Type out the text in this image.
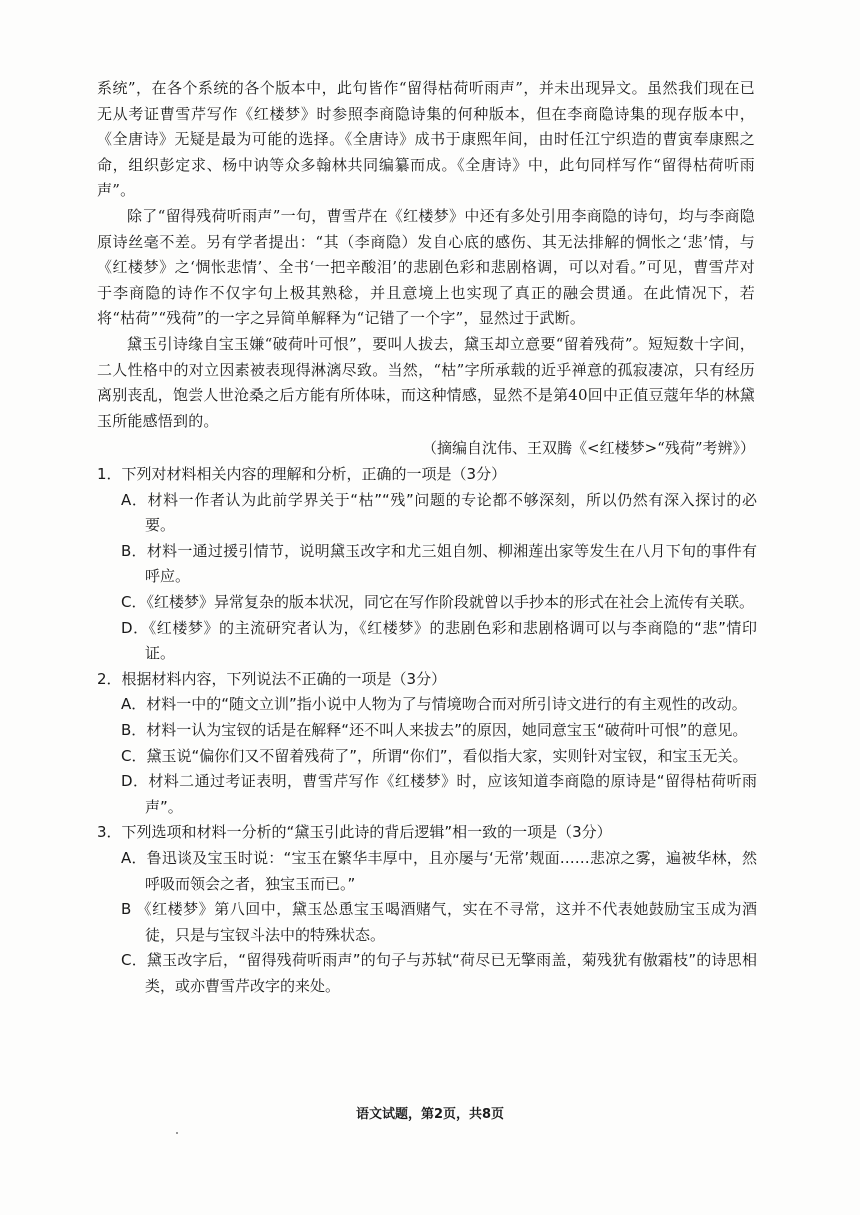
系统”，在各个系统的各个版本中，此句皆作“留得枯荷听雨声”，并未出现异文。虽然我们现在已无从考证曹雪芹写作《红楼梦》时参照李商隐诗集的何种版本，但在李商隐诗集的现存版本中，《全唐诗》无疑是最为可能的选择。《全唐诗》成书于康熙年间，由时任江宁织造的曹寅奉康熙之命，组织彭定求、杨中讷等众多翰林共同编纂而成。《全唐诗》中，此句同样写作“留得枯荷听雨声”。

除了“留得残荷听雨声”一句，曹雪芹在《红楼梦》中还有多处引用李商隐的诗句，均与李商隐原诗丝毫不差。另有学者提出：“其（李商隐）发自心底的感伤、其无法排解的惆怅之‘悲’情，与《红楼梦》之‘惆怅悲情’、全书‘一把辛酸泪’的悲剧色彩和悲剧格调，可以对看。”可见，曹雪芹对于李商隐的诗作不仅字句上极其熟稔，并且意境上也实现了真正的融会贯通。在此情况下，若将“枯荷”“残荷”的一字之异简单解释为“记错了一个字”，显然过于武断。

黛玉引诗缘自宝玉嫌“破荷叶可恨”，要叫人拔去，黛玉却立意要“留着残荷”。短短数十字间，二人性格中的对立因素被表现得淋漓尽致。当然，“枯”字所承载的近乎禅意的孤寂凄凉，只有经历离别丧乱，饱尝人世沧桑之后方能有所体味，而这种情感，显然不是第40回中正值豆蔻年华的林黛玉所能感悟到的。

（摘编自沈伟、王双腾《<红楼梦>“残荷”考辨》）

1．下列对材料相关内容的理解和分析，正确的一项是（3分）

A．材料一作者认为此前学界关于“枯”“残”问题的专论都不够深刻，所以仍然有深入探讨的必要。

B．材料一通过援引情节，说明黛玉改字和尤三姐自刎、柳湘莲出家等发生在八月下旬的事件有呼应。

C．《红楼梦》异常复杂的版本状况，同它在写作阶段就曾以手抄本的形式在社会上流传有关联。

D．《红楼梦》的主流研究者认为，《红楼梦》的悲剧色彩和悲剧格调可以与李商隐的“悲”情印证。

2．根据材料内容，下列说法不正确的一项是（3分）

A．材料一中的“随文立训”指小说中人物为了与情境吻合而对所引诗文进行的有主观性的改动。

B．材料一认为宝钗的话是在解释“还不叫人来拔去”的原因，她同意宝玉“破荷叶可恨”的意见。

C．黛玉说“偏你们又不留着残荷了”，所谓“你们”，看似指大家，实则针对宝钗，和宝玉无关。

D．材料二通过考证表明，曹雪芹写作《红楼梦》时，应该知道李商隐的原诗是“留得枯荷听雨声”。

3．下列选项和材料一分析的“黛玉引此诗的背后逻辑”相一致的一项是（3分）

A．鲁迅谈及宝玉时说：“宝玉在繁华丰厚中，且亦屡与‘无常’觌面……悲凉之雾，遍被华林，然呼吸而领会之者，独宝玉而已。”

B 《红楼梦》第八回中，黛玉怂恿宝玉喝酒赌气，实在不寻常，这并不代表她鼓励宝玉成为酒徒，只是与宝钗斗法中的特殊状态。

C．黛玉改字后，“留得残荷听雨声”的句子与苏轼“荷尽已无擎雨盖，菊残犹有傲霜枝”的诗思相类，或亦曹雪芹改字的来处。

语文试题，第2页，共8页
